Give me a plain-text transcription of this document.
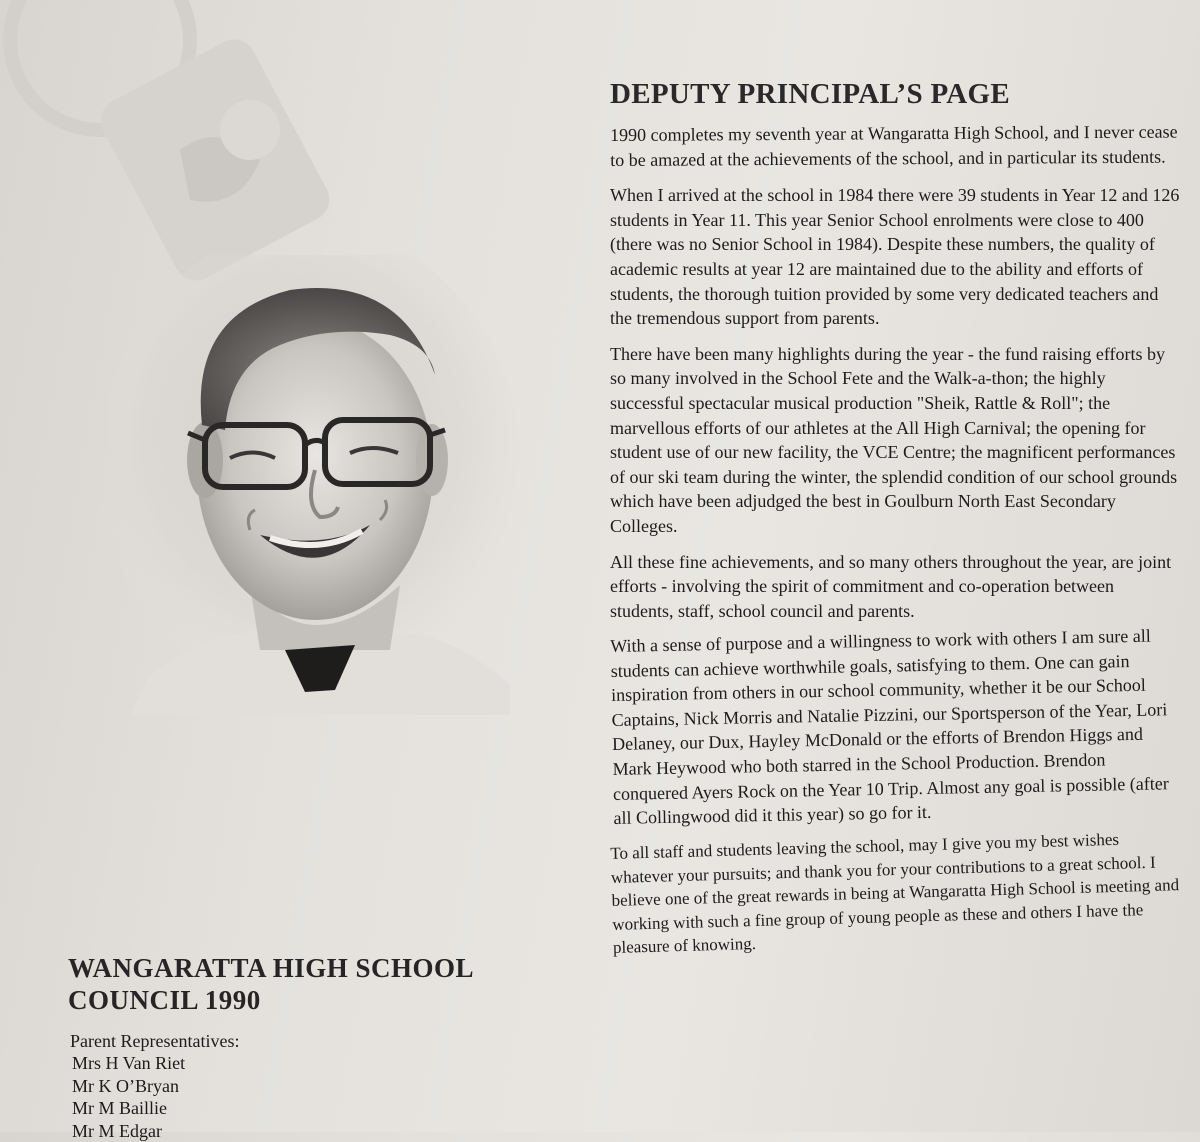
WANGARATTA HIGH SCHOOL
COUNCIL 1990
Parent Representatives:
Mrs H Van Riet
Mr K O’Bryan
Mr M Baillie
Mr M Edgar
DEPUTY PRINCIPAL’S PAGE

1990 completes my seventh year at Wangaratta High School, and I never cease to be amazed at the achievements of the school, and in particular its students.

When I arrived at the school in 1984 there were 39 students in Year 12 and 126 students in Year 11. This year Senior School enrolments were close to 400 (there was no Senior School in 1984). Despite these numbers, the quality of academic results at year 12 are maintained due to the ability and efforts of students, the thorough tuition provided by some very dedicated teachers and the tremendous support from parents.

There have been many highlights during the year - the fund raising efforts by so many involved in the School Fete and the Walk-a-thon; the highly successful spectacular musical production "Sheik, Rattle & Roll"; the marvellous efforts of our athletes at the All High Carnival; the opening for student use of our new facility, the VCE Centre; the magnificent performances of our ski team during the winter, the splendid condition of our school grounds which have been adjudged the best in Goulburn North East Secondary Colleges.

All these fine achievements, and so many others throughout the year, are joint efforts - involving the spirit of commitment and co-operation between students, staff, school council and parents.

With a sense of purpose and a willingness to work with others I am sure all students can achieve worthwhile goals, satisfying to them. One can gain inspiration from others in our school community, whether it be our School Captains, Nick Morris and Natalie Pizzini, our Sportsperson of the Year, Lori Delaney, our Dux, Hayley McDonald or the efforts of Brendon Higgs and Mark Heywood who both starred in the School Production. Brendon conquered Ayers Rock on the Year 10 Trip. Almost any goal is possible (after all Collingwood did it this year) so go for it.

To all staff and students leaving the school, may I give you my best wishes whatever your pursuits; and thank you for your contributions to a great school. I believe one of the great rewards in being at Wangaratta High School is meeting and working with such a fine group of young people as these and others I have the pleasure of knowing.
